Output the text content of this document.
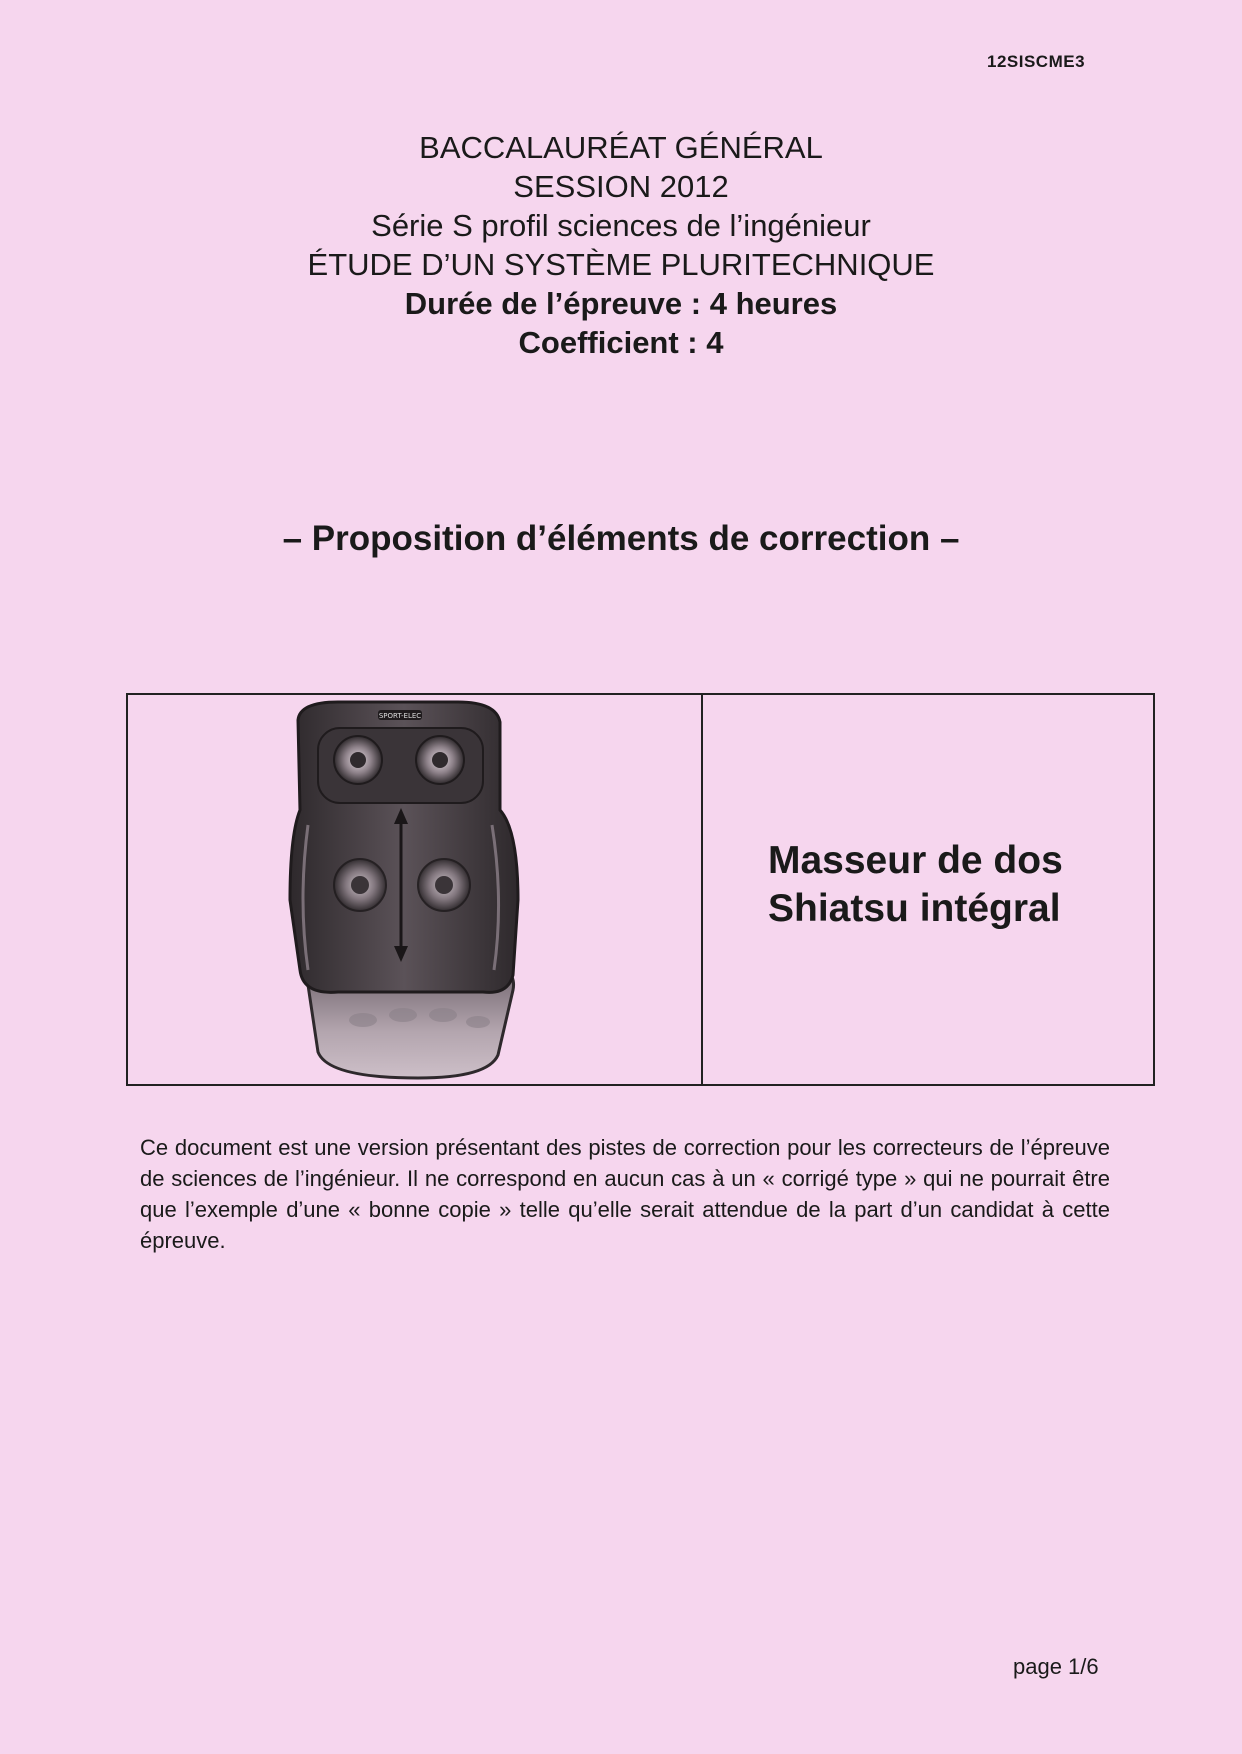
12SISCME3
BACCALAURÉAT GÉNÉRAL
SESSION 2012
Série S profil sciences de l’ingénieur
ÉTUDE D’UN SYSTÈME PLURITECHNIQUE
Durée de l’épreuve : 4 heures
Coefficient : 4
– Proposition d’éléments de correction –
SPORT-ELEC
Masseur de dos
Shiatsu intégral
Ce document est une version présentant des pistes de correction pour les correcteurs de l’épreuve de sciences de l’ingénieur. Il ne correspond en aucun cas à un « corrigé type » qui ne pourrait être que l’exemple d’une « bonne copie » telle qu’elle serait attendue de la part d’un candidat à cette épreuve.
page 1/6
